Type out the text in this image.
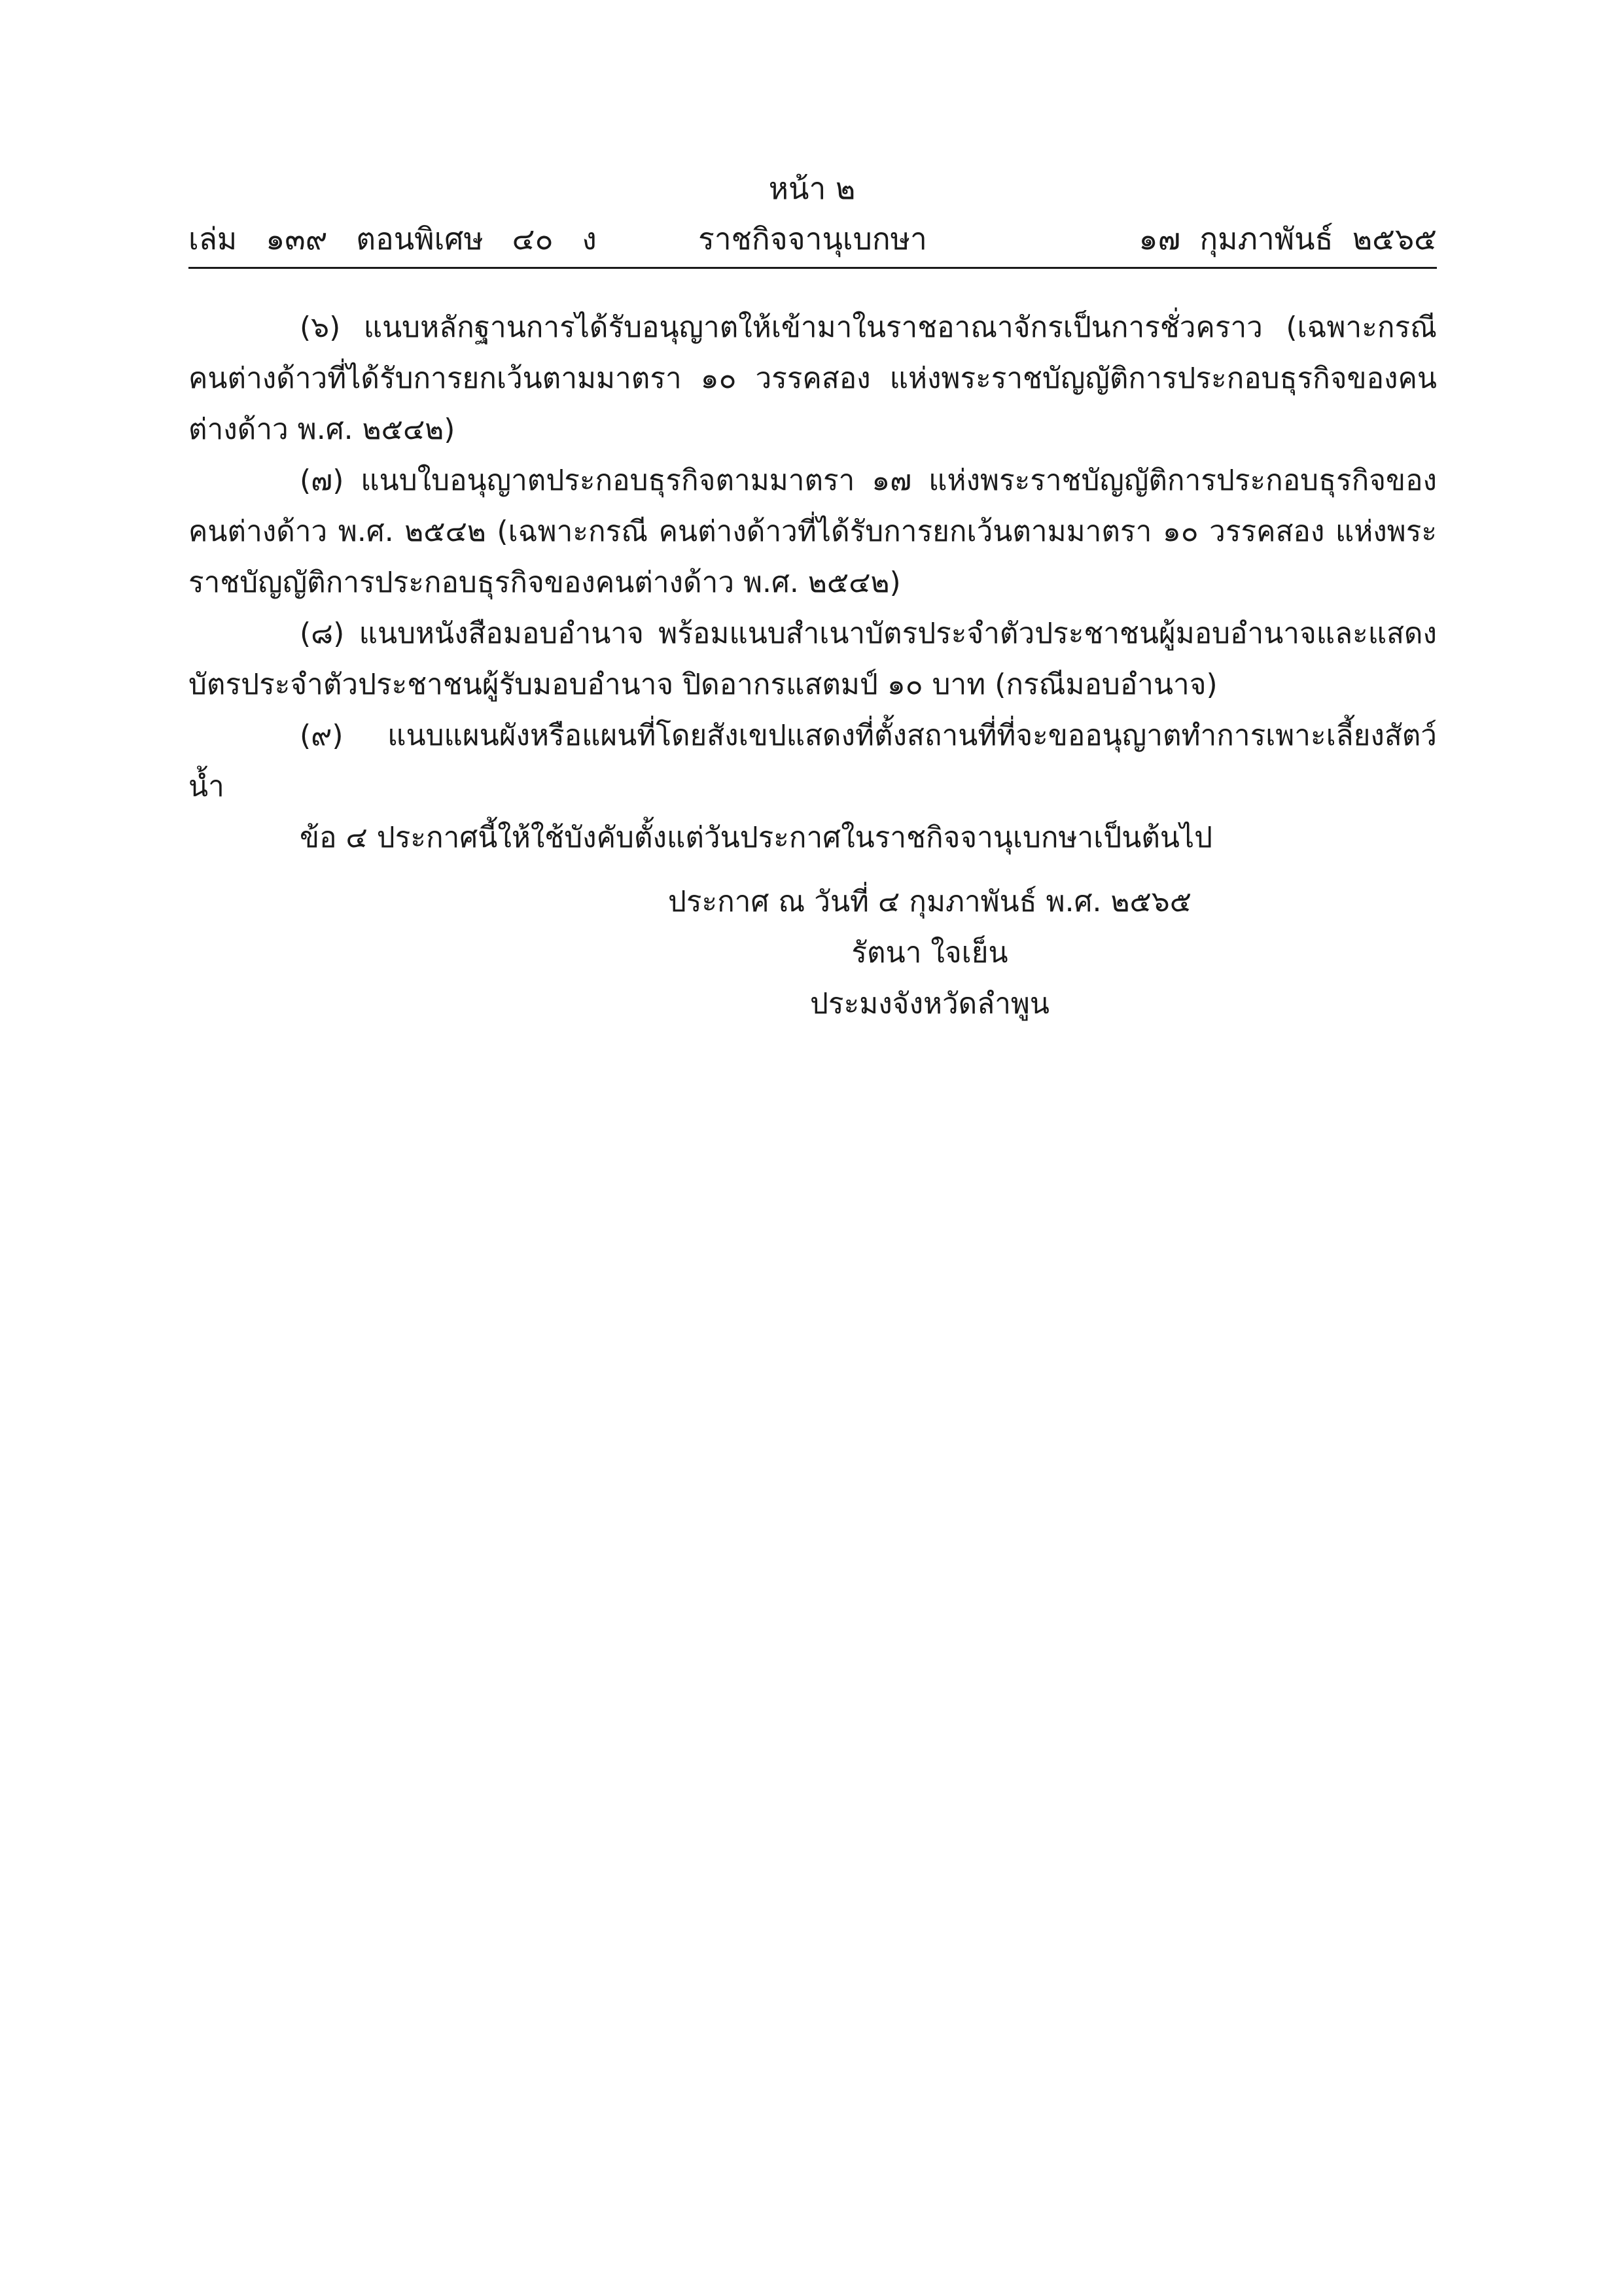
หน้า ๒
ราชกิจจานุเบกษา
เล่ม   ๑๓๙   ตอนพิเศษ   ๔๐   ง	๑๗  กุมภาพันธ์  ๒๕๖๕

(๖) แนบหลักฐานการได้รับอนุญาตให้เข้ามาในราชอาณาจักรเป็นการชั่วคราว (เฉพาะกรณี คนต่างด้าวที่ได้รับการยกเว้นตามมาตรา ๑๐ วรรคสอง แห่งพระราชบัญญัติการประกอบธุรกิจของคนต่างด้าว พ.ศ. ๒๕๔๒)

(๗) แนบใบอนุญาตประกอบธุรกิจตามมาตรา ๑๗ แห่งพระราชบัญญัติการประกอบธุรกิจของคนต่างด้าว พ.ศ. ๒๕๔๒ (เฉพาะกรณี คนต่างด้าวที่ได้รับการยกเว้นตามมาตรา ๑๐ วรรคสอง แห่งพระราชบัญญัติการประกอบธุรกิจของคนต่างด้าว พ.ศ. ๒๕๔๒)

(๘) แนบหนังสือมอบอำนาจ พร้อมแนบสำเนาบัตรประจำตัวประชาชนผู้มอบอำนาจและแสดงบัตรประจำตัวประชาชนผู้รับมอบอำนาจ ปิดอากรแสตมป์ ๑๐ บาท (กรณีมอบอำนาจ)

(๙) แนบแผนผังหรือแผนที่โดยสังเขปแสดงที่ตั้งสถานที่ที่จะขออนุญาตทำการเพาะเลี้ยงสัตว์น้ำ

ข้อ ๔ ประกาศนี้ให้ใช้บังคับตั้งแต่วันประกาศในราชกิจจานุเบกษาเป็นต้นไป

ประกาศ ณ วันที่ ๔ กุมภาพันธ์ พ.ศ. ๒๕๖๕
รัตนา ใจเย็น
ประมงจังหวัดลำพูน
